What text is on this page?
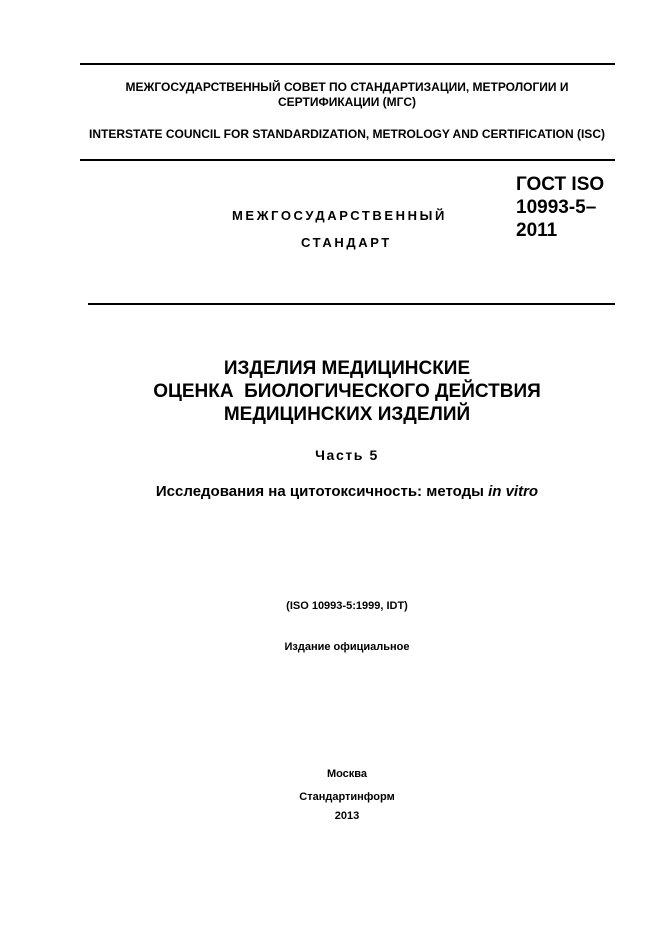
МЕЖГОСУДАРСТВЕННЫЙ СОВЕТ ПО СТАНДАРТИЗАЦИИ, МЕТРОЛОГИИ И СЕРТИФИКАЦИИ (МГС)
INTERSTATE COUNCIL FOR STANDARDIZATION, METROLOGY AND CERTIFICATION (ISC)
МЕЖГОСУДАРСТВЕННЫЙ
СТАНДАРТ
ГОСТ ISO
10993-5–
2011
ИЗДЕЛИЯ МЕДИЦИНСКИЕ
ОЦЕНКА  БИОЛОГИЧЕСКОГО ДЕЙСТВИЯ
МЕДИЦИНСКИХ ИЗДЕЛИЙ
Часть 5
Исследования на цитотоксичность: методы in vitro
(ISO 10993-5:1999, IDT)
Издание официальное
Москва
Стандартинформ
2013
